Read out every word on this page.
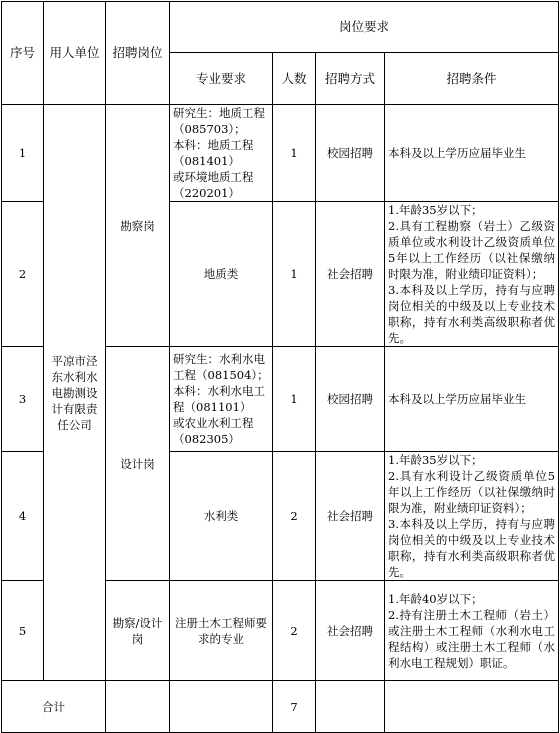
序号	用人单位	招聘岗位	岗位要求			
			专业要求	人数	招聘方式	招聘条件
1	平凉市泾东水利水电勘测设计有限责任公司	勘察岗	研究生：地质工程（085703）；
本科：地质工程（081401）
或环境地质工程（220201）	1	校园招聘	本科及以上学历应届毕业生
2			地质类	1	社会招聘	1.年龄35岁以下；
2.具有工程勘察（岩土）乙级资质单位或水利设计乙级资质单位5年以上工作经历（以社保缴纳时限为准，附业绩印证资料）；
3.本科及以上学历，持有与应聘岗位相关的中级及以上专业技术职称，持有水利类高级职称者优先。

3		设计岗	研究生：水利水电工程（081504）；
本科：水利水电工程（081101）
或农业水利工程（082305）	1	校园招聘	本科及以上学历应届毕业生
4			水利类	2	社会招聘	1.年龄35岁以下；
2.具有水利设计乙级资质单位5年以上工作经历（以社保缴纳时限为准，附业绩印证资料）；
3.本科及以上学历，持有与应聘岗位相关的中级及以上专业技术职称，持有水利类高级职称者优先。

5		勘察/设计岗	注册土木工程师要求的专业	2	社会招聘	1.年龄40岁以下；
2.持有注册土木工程师（岩土）或注册土木工程师（水利水电工程结构）或注册土木工程师（水利水电工程规划）职证。

合计				7		
